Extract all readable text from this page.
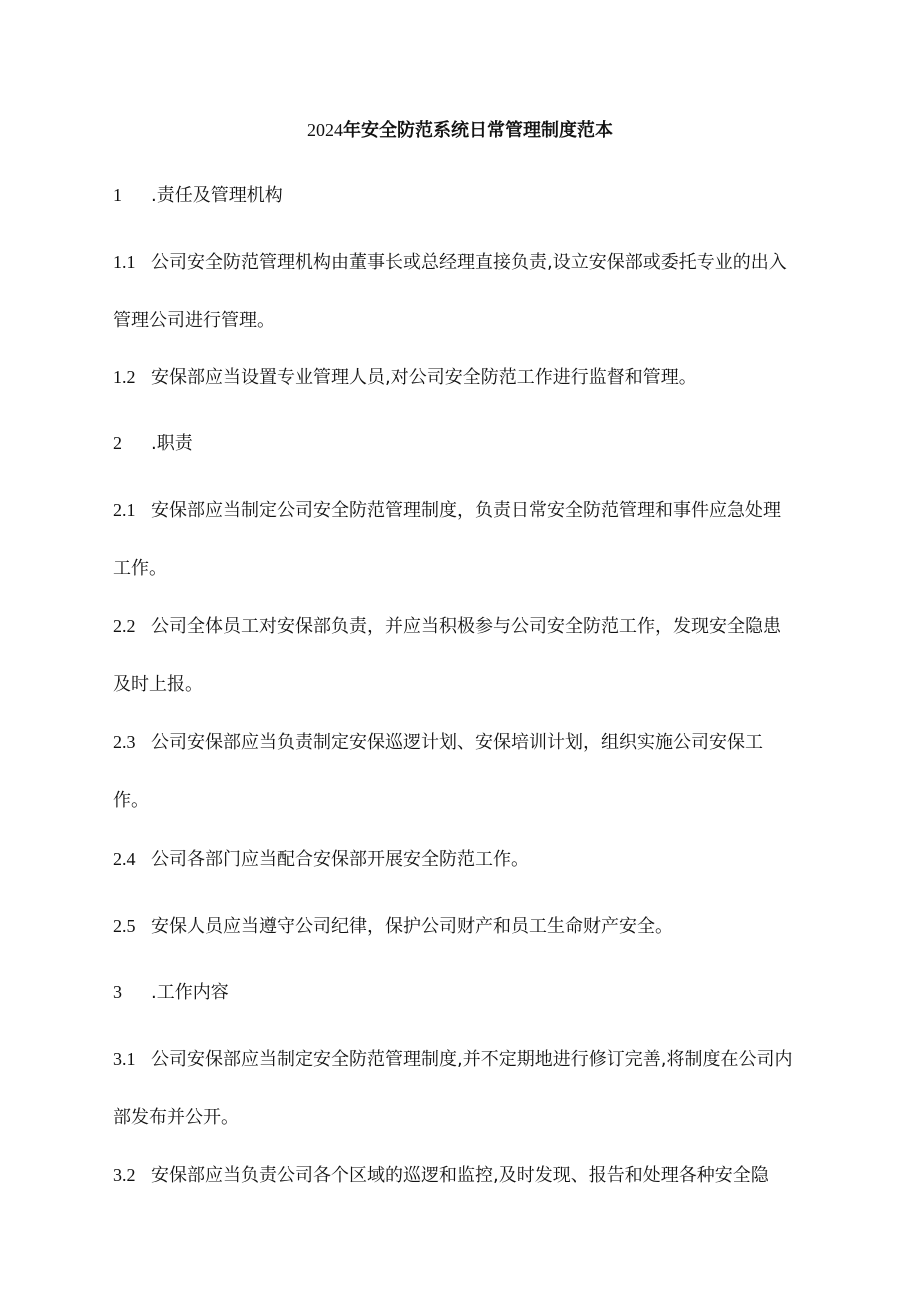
2024年安全防范系统日常管理制度范本
1 .责任及管理机构
1.1 公司安全防范管理机构由董事长或总经理直接负责,设立安保部或委托专业的出入
管理公司进行管理。
1.2 安保部应当设置专业管理人员,对公司安全防范工作进行监督和管理。
2 .职责
2.1 安保部应当制定公司安全防范管理制度，负责日常安全防范管理和事件应急处理
工作。
2.2 公司全体员工对安保部负责，并应当积极参与公司安全防范工作，发现安全隐患
及时上报。
2.3 公司安保部应当负责制定安保巡逻计划、安保培训计划，组织实施公司安保工
作。
2.4 公司各部门应当配合安保部开展安全防范工作。
2.5 安保人员应当遵守公司纪律，保护公司财产和员工生命财产安全。
3 .工作内容
3.1 公司安保部应当制定安全防范管理制度,并不定期地进行修订完善,将制度在公司内
部发布并公开。
3.2 安保部应当负责公司各个区域的巡逻和监控,及时发现、报告和处理各种安全隐
